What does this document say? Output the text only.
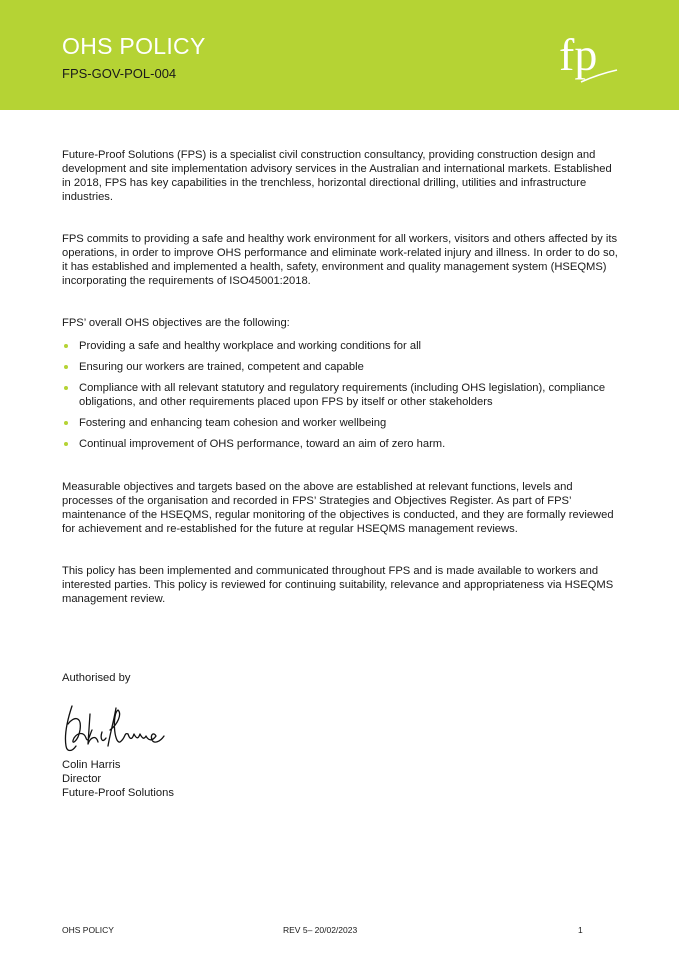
OHS POLICY
FPS-GOV-POL-004	fp

Future-Proof Solutions (FPS) is a specialist civil construction consultancy, providing construction design and development and site implementation advisory services in the Australian and international markets. Established in 2018, FPS has key capabilities in the trenchless, horizontal directional drilling, utilities and infrastructure industries.

FPS commits to providing a safe and healthy work environment for all workers, visitors and others affected by its operations, in order to improve OHS performance and eliminate work-related injury and illness. In order to do so, it has established and implemented a health, safety, environment and quality management system (HSEQMS) incorporating the requirements of ISO45001:2018.

FPS’ overall OHS objectives are the following:

Providing a safe and healthy workplace and working conditions for all
Ensuring our workers are trained, competent and capable
Compliance with all relevant statutory and regulatory requirements (including OHS legislation), compliance obligations, and other requirements placed upon FPS by itself or other stakeholders
Fostering and enhancing team cohesion and worker wellbeing
Continual improvement of OHS performance, toward an aim of zero harm.

Measurable objectives and targets based on the above are established at relevant functions, levels and processes of the organisation and recorded in FPS’ Strategies and Objectives Register. As part of FPS’ maintenance of the HSEQMS, regular monitoring of the objectives is conducted, and they are formally reviewed for achievement and re-established for the future at regular HSEQMS management reviews.

This policy has been implemented and communicated throughout FPS and is made available to workers and interested parties. This policy is reviewed for continuing suitability, relevance and appropriateness via HSEQMS management review.

Authorised by
Colin Harris
Director
Future-Proof Solutions
OHS POLICY	REV 5– 20/02/2023	1
